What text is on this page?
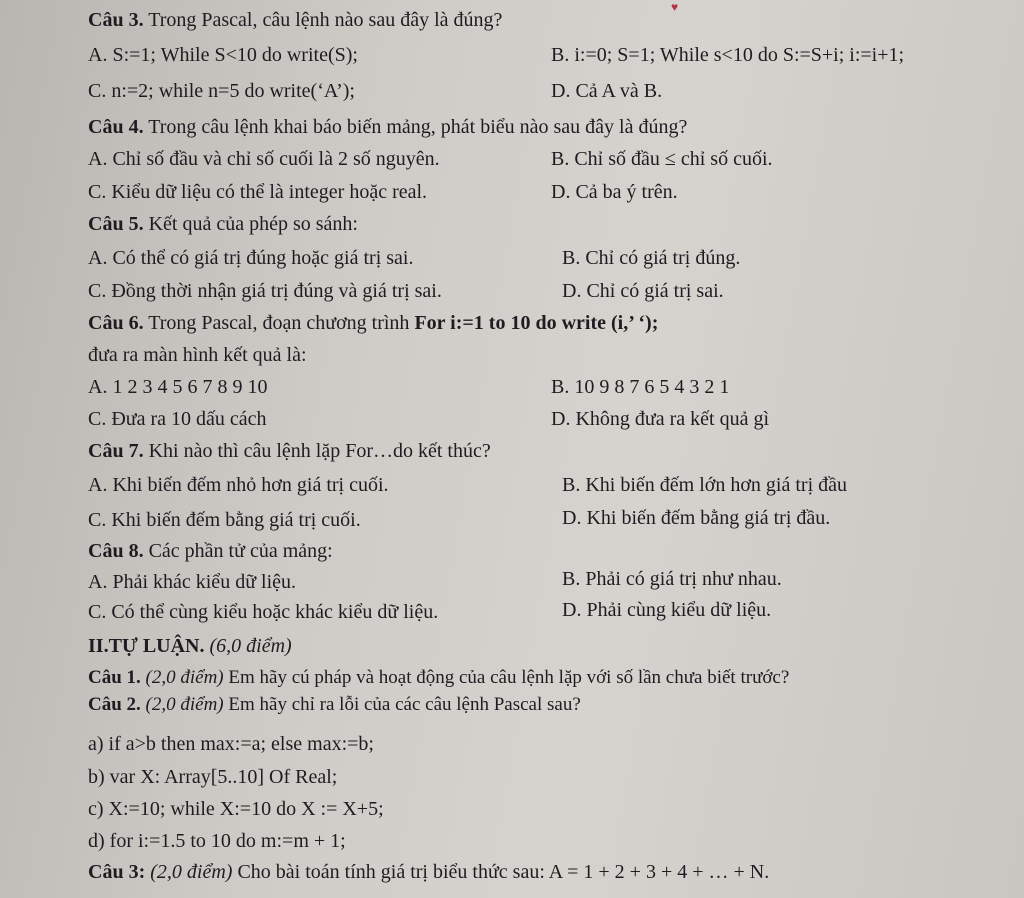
♥
Câu 3. Trong Pascal, câu lệnh nào sau đây là đúng?
A. S:=1; While S<10 do write(S);	B. i:=0; S=1; While s<10 do S:=S+i; i:=i+1;
C. n:=2; while n=5 do write(‘A’);	D. Cả A và B.
Câu 4. Trong câu lệnh khai báo biến mảng, phát biểu nào sau đây là đúng?
A. Chỉ số đầu và chỉ số cuối là 2 số nguyên.	B. Chỉ số đầu ≤ chỉ số cuối.
C. Kiểu dữ liệu có thể là integer hoặc real.	D. Cả ba ý trên.
Câu 5. Kết quả của phép so sánh:
A. Có thể có giá trị đúng hoặc giá trị sai.	B. Chỉ có giá trị đúng.
C. Đồng thời nhận giá trị đúng và giá trị sai.	D. Chỉ có giá trị sai.
Câu 6. Trong Pascal, đoạn chương trình For i:=1 to 10 do write (i,’ ‘);
đưa ra màn hình kết quả là:
A. 1 2 3 4 5 6 7 8 9 10	B. 10 9 8 7 6 5 4 3 2 1
C. Đưa ra 10 dấu cách	D. Không đưa ra kết quả gì
Câu 7. Khi nào thì câu lệnh lặp For…do kết thúc?
A. Khi biến đếm nhỏ hơn giá trị cuối.	B. Khi biến đếm lớn hơn giá trị đầu
C. Khi biến đếm bằng giá trị cuối.	D. Khi biến đếm bằng giá trị đầu.
Câu 8. Các phần tử của mảng:
A. Phải khác kiểu dữ liệu.	B. Phải có giá trị như nhau.
C. Có thể cùng kiểu hoặc khác kiểu dữ liệu.	D. Phải cùng kiểu dữ liệu.
II.TỰ LUẬN. (6,0 điểm)
Câu 1. (2,0 điểm) Em hãy cú pháp và hoạt động của câu lệnh lặp với số lần chưa biết trước?
Câu 2. (2,0 điểm) Em hãy chỉ ra lỗi của các câu lệnh Pascal sau?
a) if a>b then max:=a; else max:=b;
b) var X: Array[5..10] Of Real;
c) X:=10; while X:=10 do X := X+5;
d) for i:=1.5 to 10 do m:=m + 1;
Câu 3: (2,0 điểm) Cho bài toán tính giá trị biểu thức sau: A = 1 + 2 + 3 + 4 + … + N.
